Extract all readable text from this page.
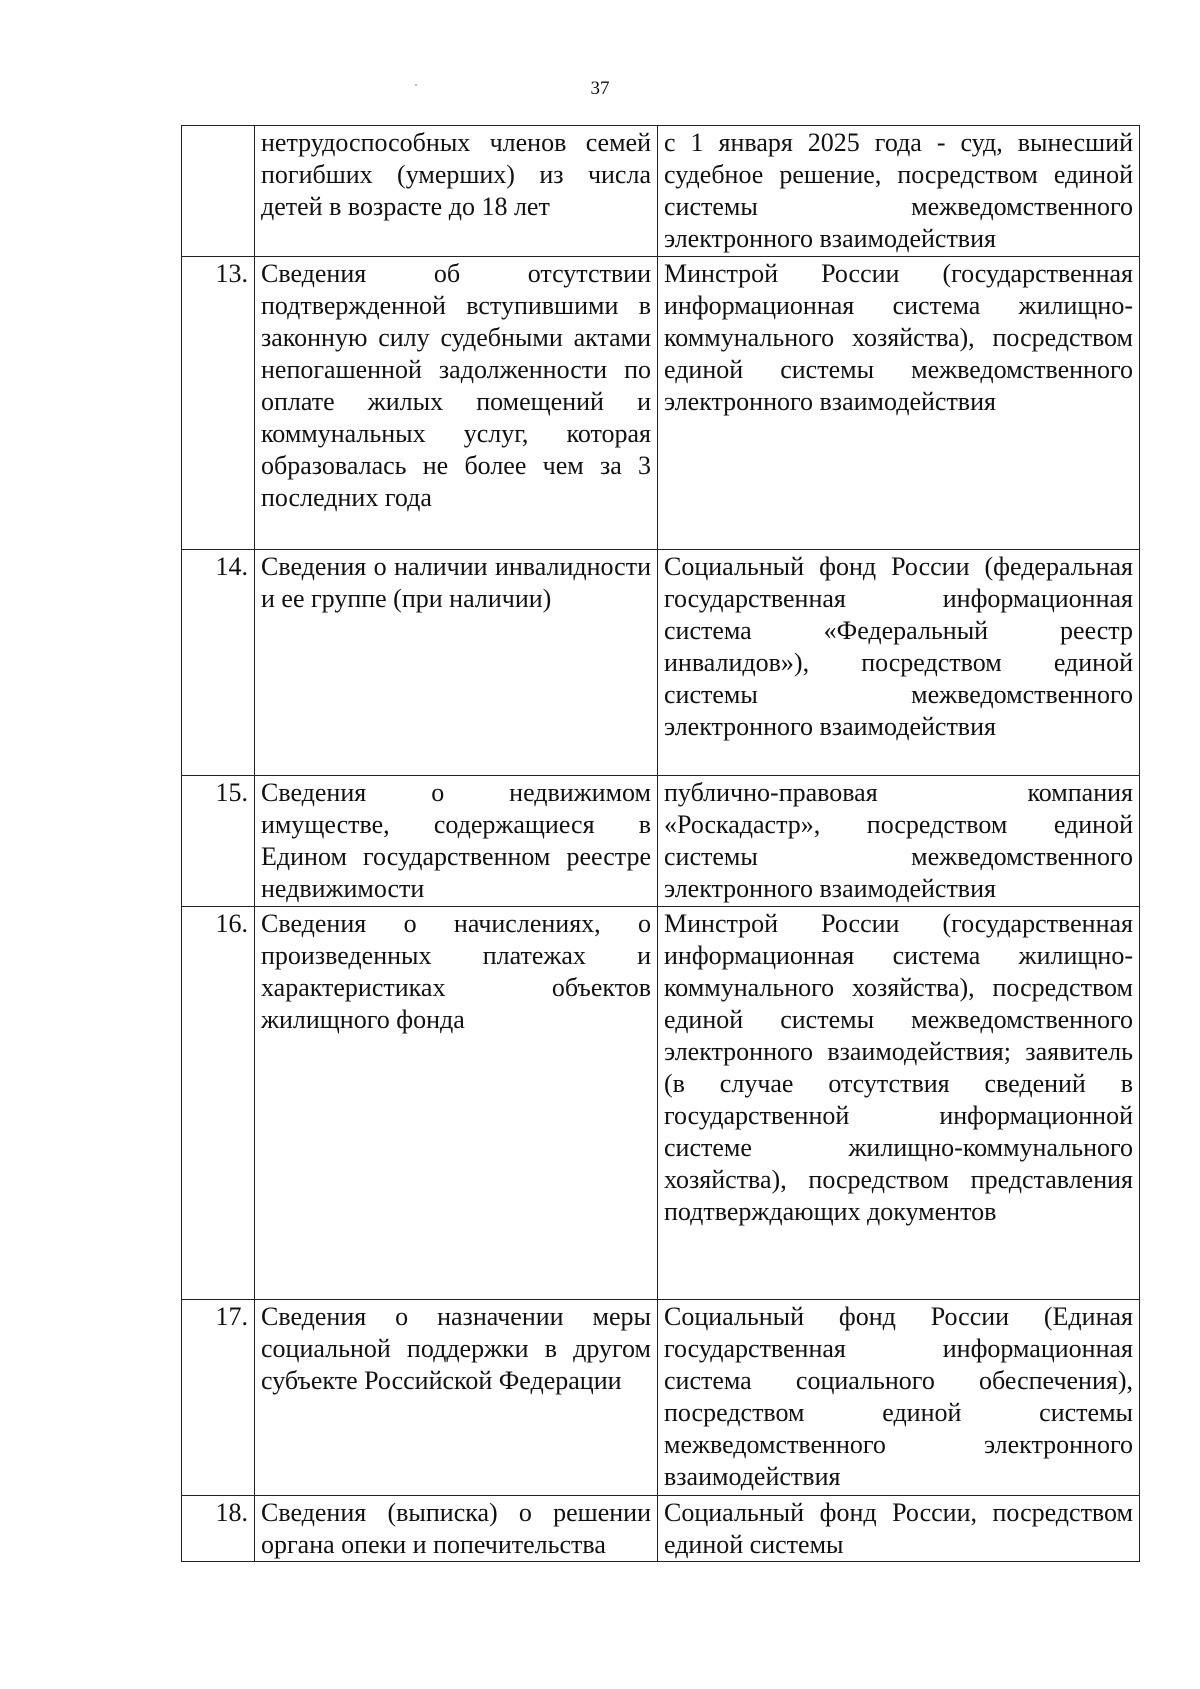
37
	нетрудоспособных членов семей погибших (умерших) из числа детей в возрасте до 18 лет	с 1 января 2025 года - суд, вынесший судебное решение, посредством единой системы межведомственного электронного взаимодействия
13.	Сведения об отсутствии подтвержденной вступившими в законную силу судебными актами непогашенной задолженности по оплате жилых помещений и коммунальных услуг, которая образовалась не более чем за 3 последних года	Минстрой России (государственная информационная система жилищно-коммунального хозяйства), посредством единой системы межведомственного электронного взаимодействия
14.	Сведения о наличии инвалидности и ее группе (при наличии)	Социальный фонд России (федеральная государственная информационная система «Федеральный реестр инвалидов»), посредством единой системы межведомственного электронного взаимодействия
15.	Сведения о недвижимом имуществе, содержащиеся в Едином государственном реестре недвижимости	публично-правовая компания «Роскадастр», посредством единой системы межведомственного электронного взаимодействия
16.	Сведения о начислениях, о произведенных платежах и характеристиках объектов жилищного фонда	Минстрой России (государственная информационная система жилищно-коммунального хозяйства), посредством единой системы межведомственного электронного взаимодействия; заявитель (в случае отсутствия сведений в государственной информационной системе жилищно-коммунального хозяйства), посредством представления подтверждающих документов
17.	Сведения о назначении меры социальной поддержки в другом субъекте Российской Федерации	Социальный фонд России (Единая государственная информационная система социального обеспечения), посредством единой системы межведомственного электронного взаимодействия
18.	Сведения (выписка) о решении органа опеки и попечительства	Социальный фонд России, посредством единой системы
